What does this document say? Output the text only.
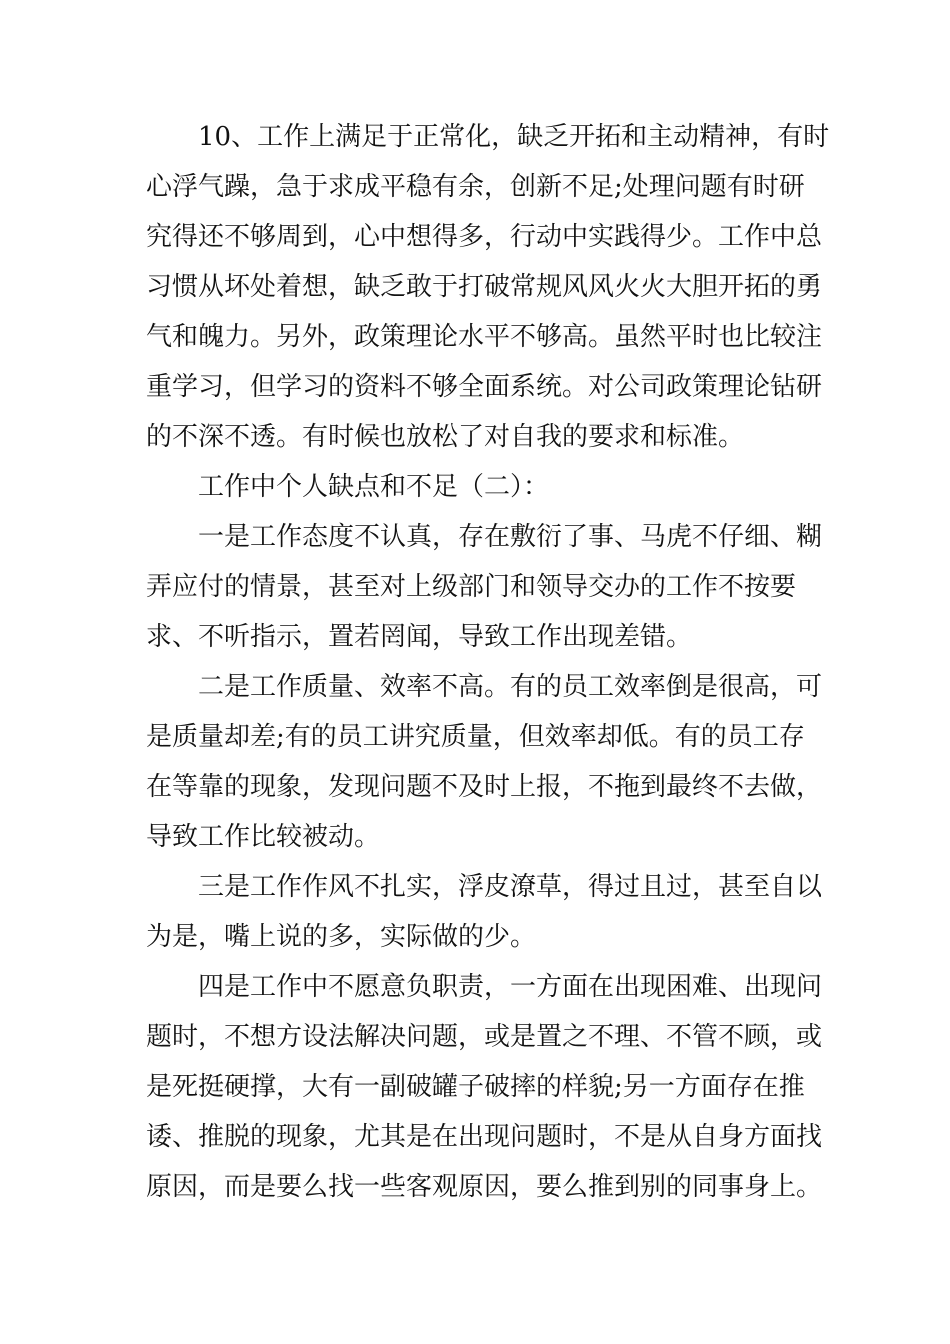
10、工作上满足于正常化，缺乏开拓和主动精神，有时
心浮气躁，急于求成平稳有余，创新不足;处理问题有时研
究得还不够周到，心中想得多，行动中实践得少。工作中总
习惯从坏处着想，缺乏敢于打破常规风风火火大胆开拓的勇
气和魄力。另外，政策理论水平不够高。虽然平时也比较注
重学习，但学习的资料不够全面系统。对公司政策理论钻研
的不深不透。有时候也放松了对自我的要求和标准。
工作中个人缺点和不足（二）：
一是工作态度不认真，存在敷衍了事、马虎不仔细、糊
弄应付的情景，甚至对上级部门和领导交办的工作不按要
求、不听指示，置若罔闻，导致工作出现差错。
二是工作质量、效率不高。有的员工效率倒是很高，可
是质量却差;有的员工讲究质量，但效率却低。有的员工存
在等靠的现象，发现问题不及时上报，不拖到最终不去做，
导致工作比较被动。
三是工作作风不扎实，浮皮潦草，得过且过，甚至自以
为是，嘴上说的多，实际做的少。
四是工作中不愿意负职责，一方面在出现困难、出现问
题时，不想方设法解决问题，或是置之不理、不管不顾，或
是死挺硬撑，大有一副破罐子破摔的样貌;另一方面存在推
诿、推脱的现象，尤其是在出现问题时，不是从自身方面找
原因，而是要么找一些客观原因，要么推到别的同事身上。
